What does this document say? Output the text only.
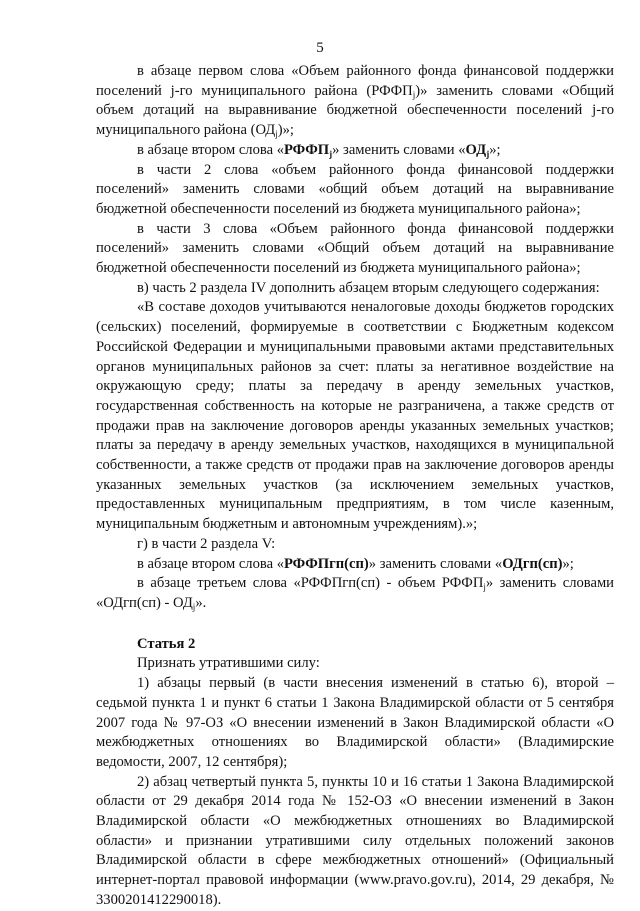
5

в абзаце первом слова «Объем районного фонда финансовой поддержки поселений j-го муниципального района $(РФФП_j)$» заменить словами «Общий объем дотаций на выравнивание бюджетной обеспеченности поселений j-го муниципального района $(ОД_j)$»;

в абзаце втором слова «$РФФП_j$» заменить словами «$ОД_j$»;

в части 2 слова «объем районного фонда финансовой поддержки поселений» заменить словами «общий объем дотаций на выравнивание бюджетной обеспеченности поселений из бюджета муниципального района»;

в части 3 слова «Объем районного фонда финансовой поддержки поселений» заменить словами «Общий объем дотаций на выравнивание бюджетной обеспеченности поселений из бюджета муниципального района»;

в) часть 2 раздела IV дополнить абзацем вторым следующего содержания:

«В составе доходов учитываются неналоговые доходы бюджетов городских (сельских) поселений, формируемые в соответствии с Бюджетным кодексом Российской Федерации и муниципальными правовыми актами представительных органов муниципальных районов за счет: платы за негативное воздействие на окружающую среду; платы за передачу в аренду земельных участков, государственная собственность на которые не разграничена, а также средств от продажи прав на заключение договоров аренды указанных земельных участков; платы за передачу в аренду земельных участков, находящихся в муниципальной собственности, а также средств от продажи прав на заключение договоров аренды указанных земельных участков (за исключением земельных участков, предоставленных муниципальным предприятиям, в том числе казенным, муниципальным бюджетным и автономным учреждениям).»;

г) в части 2 раздела V:

в абзаце втором слова «РФФПгп(сп)» заменить словами «ОДгп(сп)»;

в абзаце третьем слова «РФФПгп(сп) - объем $РФФП_j$» заменить словами «ОДгп(сп) - $ОД_j$».

Статья 2

Признать утратившими силу:

1) абзацы первый (в части внесения изменений в статью 6), второй – седьмой пункта 1 и пункт 6 статьи 1 Закона Владимирской области от 5 сентября 2007 года № 97-ОЗ «О внесении изменений в Закон Владимирской области «О межбюджетных отношениях во Владимирской области» (Владимирские ведомости, 2007, 12 сентября);

2) абзац четвертый пункта 5, пункты 10 и 16 статьи 1 Закона Владимирской области от 29 декабря 2014 года № 152-ОЗ «О внесении изменений в Закон Владимирской области «О межбюджетных отношениях во Владимирской области» и признании утратившими силу отдельных положений законов Владимирской области в сфере межбюджетных отношений» (Официальный интернет-портал правовой информации (www.pravo.gov.ru), 2014, 29 декабря, № 3300201412290018).
